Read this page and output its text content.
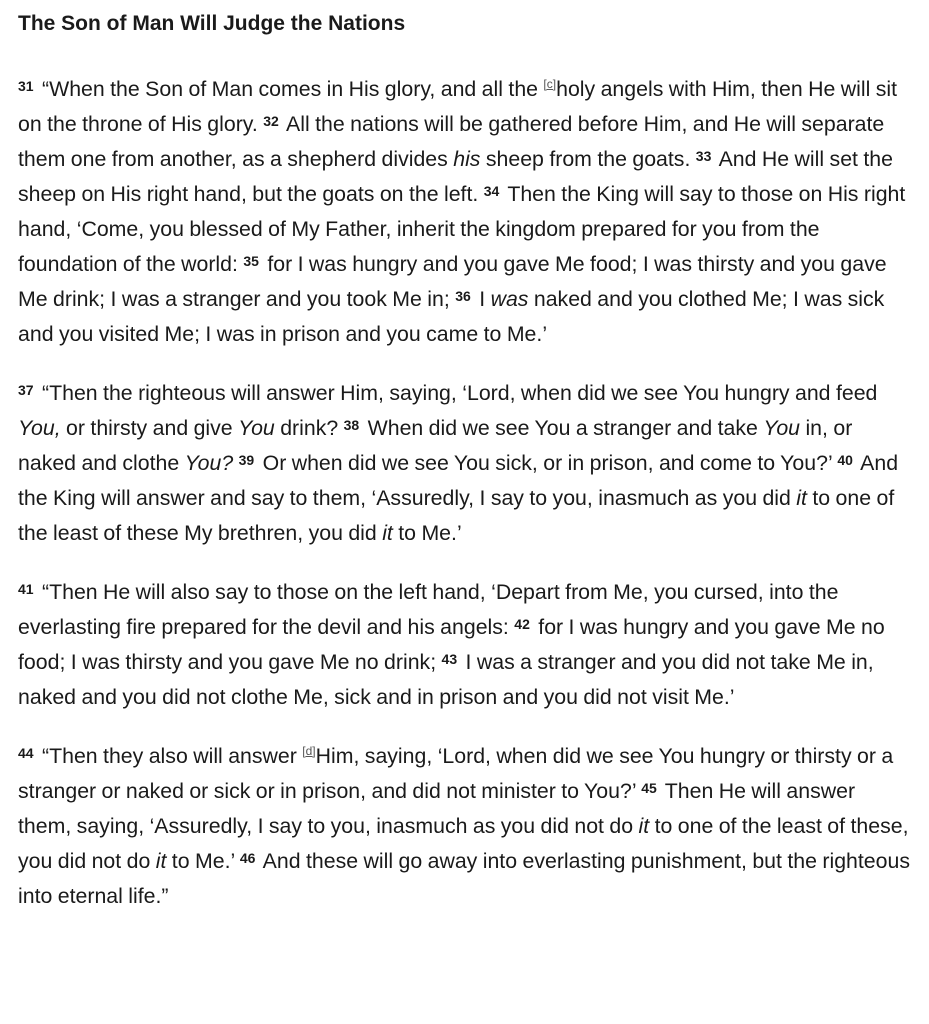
The Son of Man Will Judge the Nations

$^{31}$ “When the Son of Man comes in His glory, and all the [c]holy angels with Him, then He will sit on the throne of His glory. $^{32}$ All the nations will be gathered before Him, and He will separate them one from another, as a shepherd divides his sheep from the goats. $^{33}$ And He will set the sheep on His right hand, but the goats on the left. $^{34}$ Then the King will say to those on His right hand, ‘Come, you blessed of My Father, inherit the kingdom prepared for you from the foundation of the world: $^{35}$ for I was hungry and you gave Me food; I was thirsty and you gave Me drink; I was a stranger and you took Me in; $^{36}$ I was naked and you clothed Me; I was sick and you visited Me; I was in prison and you came to Me.’

$^{37}$ “Then the righteous will answer Him, saying, ‘Lord, when did we see You hungry and feed You, or thirsty and give You drink? $^{38}$ When did we see You a stranger and take You in, or naked and clothe You? $^{39}$ Or when did we see You sick, or in prison, and come to You?’ $^{40}$ And the King will answer and say to them, ‘Assuredly, I say to you, inasmuch as you did it to one of the least of these My brethren, you did it to Me.’

$^{41}$ “Then He will also say to those on the left hand, ‘Depart from Me, you cursed, into the everlasting fire prepared for the devil and his angels: $^{42}$ for I was hungry and you gave Me no food; I was thirsty and you gave Me no drink; $^{43}$ I was a stranger and you did not take Me in, naked and you did not clothe Me, sick and in prison and you did not visit Me.’

$^{44}$ “Then they also will answer [d]Him, saying, ‘Lord, when did we see You hungry or thirsty or a stranger or naked or sick or in prison, and did not minister to You?’ $^{45}$ Then He will answer them, saying, ‘Assuredly, I say to you, inasmuch as you did not do it to one of the least of these, you did not do it to Me.’ $^{46}$ And these will go away into everlasting punishment, but the righteous into eternal life.”
